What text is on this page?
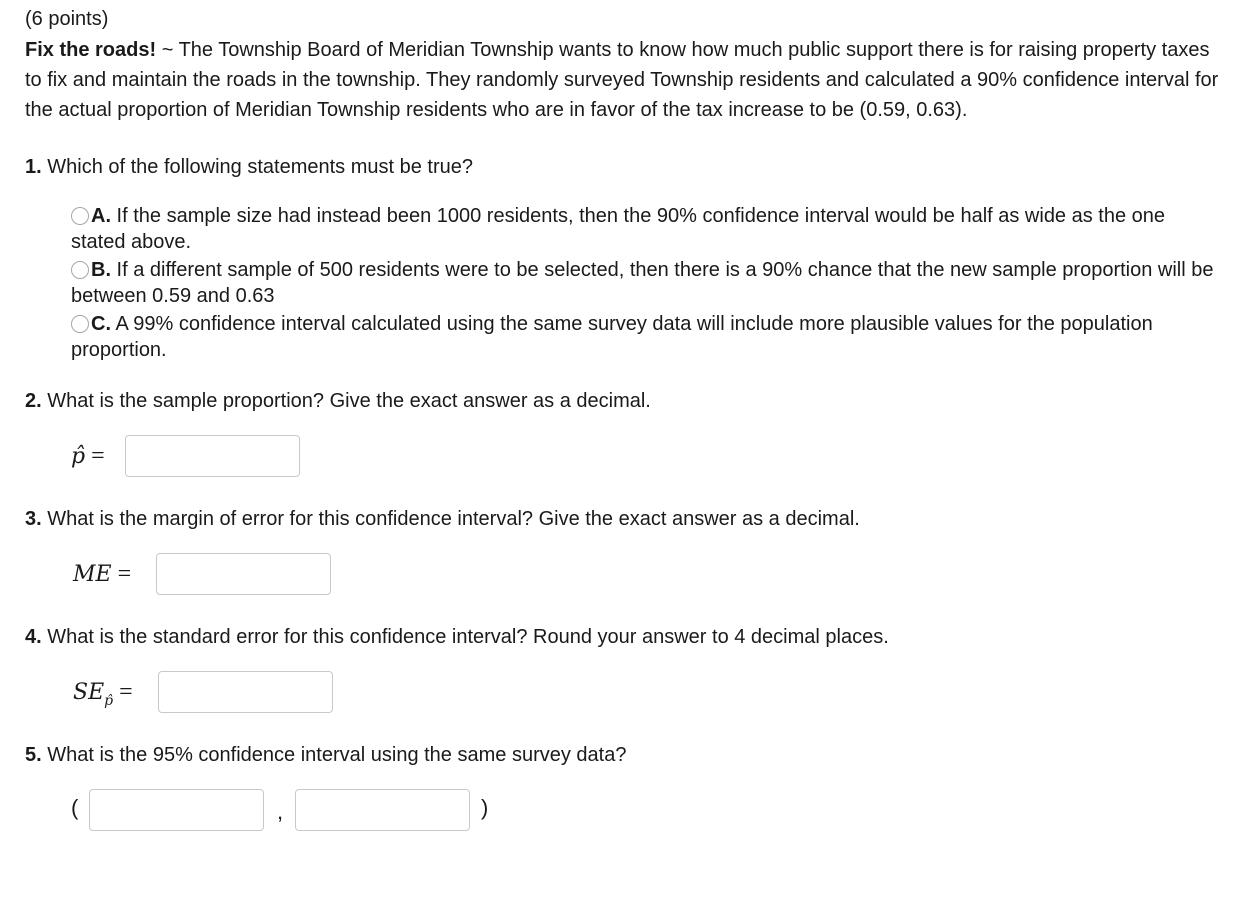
(6 points)

Fix the roads! ~ The Township Board of Meridian Township wants to know how much public support there is for raising property taxes to fix and maintain the roads in the township. They randomly surveyed Township residents and calculated a 90% confidence interval for the actual proportion of Meridian Township residents who are in favor of the tax increase to be (0.59, 0.63).

1. Which of the following statements must be true?

A. If the sample size had instead been 1000 residents, then the 90% confidence interval would be half as wide as the one stated above.
B. If a different sample of 500 residents were to be selected, then there is a 90% chance that the new sample proportion will be between 0.59 and 0.63
C. A 99% confidence interval calculated using the same survey data will include more plausible values for the population proportion.

2. What is the sample proportion? Give the exact answer as a decimal.

p̂ =

3. What is the margin of error for this confidence interval? Give the exact answer as a decimal.

ME =

4. What is the standard error for this confidence interval? Round your answer to 4 decimal places.

$SE_{p̂}$ =

5. What is the 95% confidence interval using the same survey data?

(	,	)
